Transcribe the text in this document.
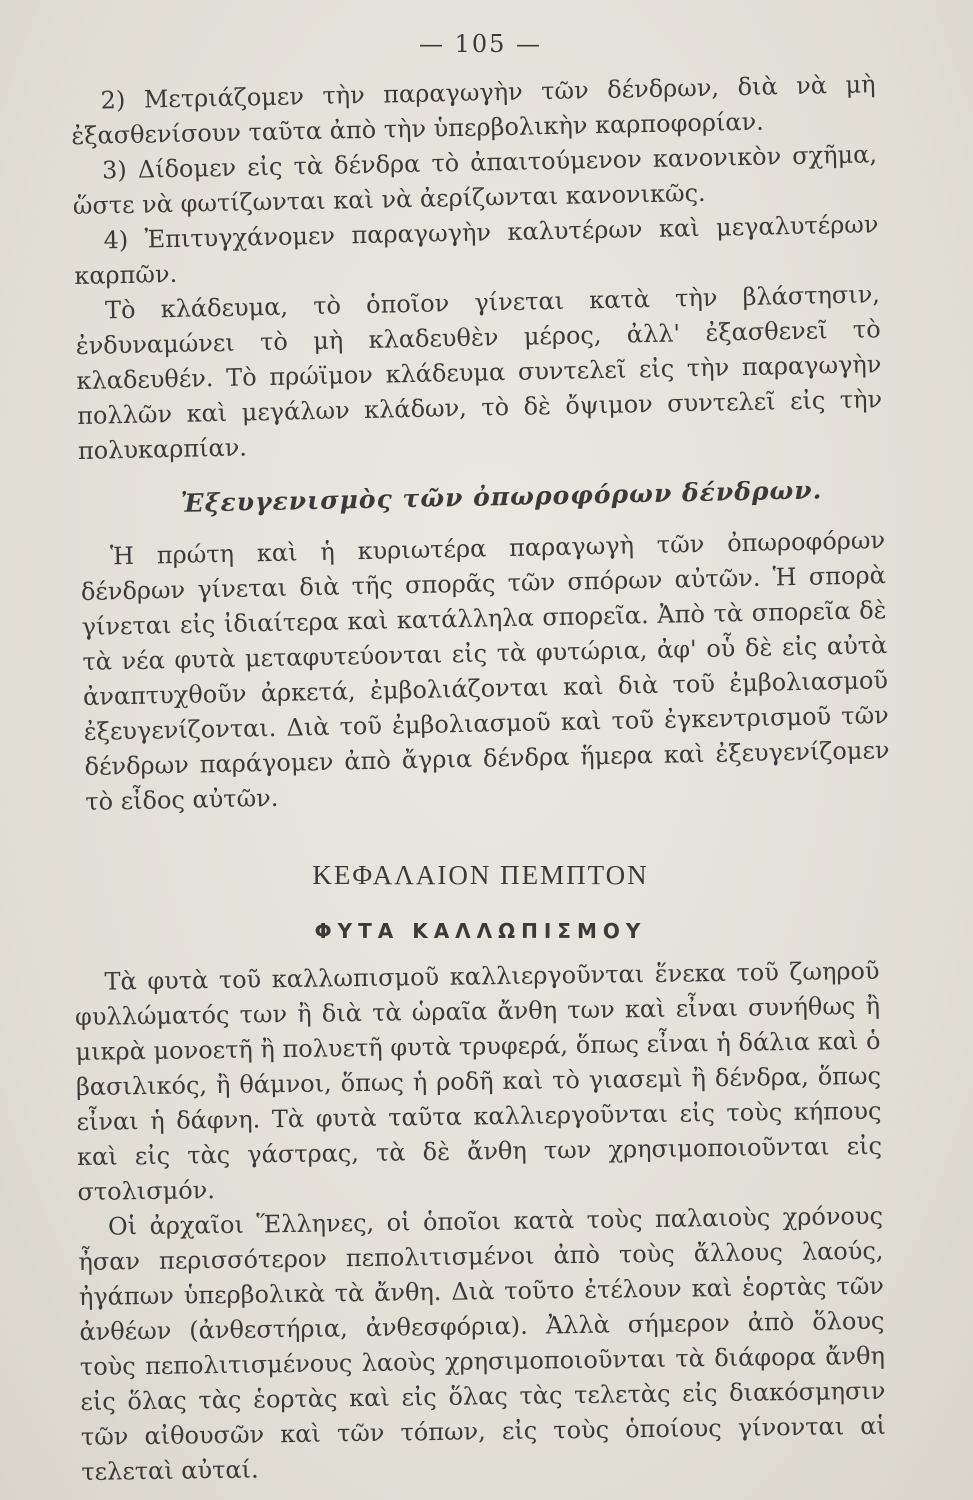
— 105 —

2) Μετριάζομεν τὴν παραγωγὴν τῶν δένδρων, διὰ νὰ μὴ ἐξασθενίσουν ταῦτα ἀπὸ τὴν ὑπερβολικὴν καρποφορίαν.

3) Δίδομεν εἰς τὰ δένδρα τὸ ἀπαιτούμενον κανονικὸν σχῆμα, ὥστε νὰ φωτίζωνται καὶ νὰ ἀερίζωνται κανονικῶς.

4) Ἐπιτυγχάνομεν παραγωγὴν καλυτέρων καὶ μεγαλυτέρων καρπῶν.

Τὸ κλάδευμα, τὸ ὁποῖον γίνεται κατὰ τὴν βλάστησιν, ἐνδυναμώνει τὸ μὴ κλαδευθὲν μέρος, ἀλλ' ἐξασθενεῖ τὸ κλαδευθέν. Τὸ πρώϊμον κλάδευμα συντελεῖ εἰς τὴν παραγωγὴν πολλῶν καὶ μεγάλων κλάδων, τὸ δὲ ὄψιμον συντελεῖ εἰς τὴν πολυκαρπίαν.

Ἐξευγενισμὸς τῶν ὀπωροφόρων δένδρων.

Ἡ πρώτη καὶ ἡ κυριωτέρα παραγωγὴ τῶν ὀπωροφόρων δένδρων γίνεται διὰ τῆς σπορᾶς τῶν σπόρων αὐτῶν. Ἡ σπορὰ γίνεται εἰς ἰδιαίτερα καὶ κατάλληλα σπορεῖα. Ἀπὸ τὰ σπορεῖα δὲ τὰ νέα φυτὰ μεταφυτεύονται εἰς τὰ φυτώρια, ἀφ' οὗ δὲ εἰς αὐτὰ ἀναπτυχθοῦν ἀρκετά, ἐμβολιάζονται καὶ διὰ τοῦ ἐμβολιασμοῦ ἐξευγενίζονται. Διὰ τοῦ ἐμβολιασμοῦ καὶ τοῦ ἐγκεντρισμοῦ τῶν δένδρων παράγομεν ἀπὸ ἄγρια δένδρα ἥμερα καὶ ἐξευγενίζομεν τὸ εἶδος αὐτῶν.

ΚΕΦΑΛΑΙΟΝ ΠΕΜΠΤΟΝ
ΦΥΤΑ ΚΑΛΛΩΠΙΣΜΟΥ

Τὰ φυτὰ τοῦ καλλωπισμοῦ καλλιεργοῦνται ἕνεκα τοῦ ζωηροῦ φυλλώματός των ἢ διὰ τὰ ὡραῖα ἄνθη των καὶ εἶναι συνήθως ἢ μικρὰ μονοετῆ ἢ πολυετῆ φυτὰ τρυφερά, ὅπως εἶναι ἡ δάλια καὶ ὁ βασιλικός, ἢ θάμνοι, ὅπως ἡ ροδῆ καὶ τὸ γιασεμὶ ἢ δένδρα, ὅπως εἶναι ἡ δάφνη. Τὰ φυτὰ ταῦτα καλλιεργοῦνται εἰς τοὺς κήπους καὶ εἰς τὰς γάστρας, τὰ δὲ ἄνθη των χρησιμοποιοῦνται εἰς στολισμόν.

Οἱ ἀρχαῖοι Ἕλληνες, οἱ ὁποῖοι κατὰ τοὺς παλαιοὺς χρόνους ἦσαν περισσότερον πεπολιτισμένοι ἀπὸ τοὺς ἄλλους λαούς, ἠγάπων ὑπερβολικὰ τὰ ἄνθη. Διὰ τοῦτο ἐτέλουν καὶ ἑορτὰς τῶν ἀνθέων (ἀνθεστήρια, ἀνθεσφόρια). Ἀλλὰ σήμερον ἀπὸ ὅλους τοὺς πεπολιτισμένους λαοὺς χρησιμοποιοῦνται τὰ διάφορα ἄνθη εἰς ὅλας τὰς ἑορτὰς καὶ εἰς ὅλας τὰς τελετὰς εἰς διακόσμησιν τῶν αἰθουσῶν καὶ τῶν τόπων, εἰς τοὺς ὁποίους γίνονται αἱ τελεταὶ αὐταί.
